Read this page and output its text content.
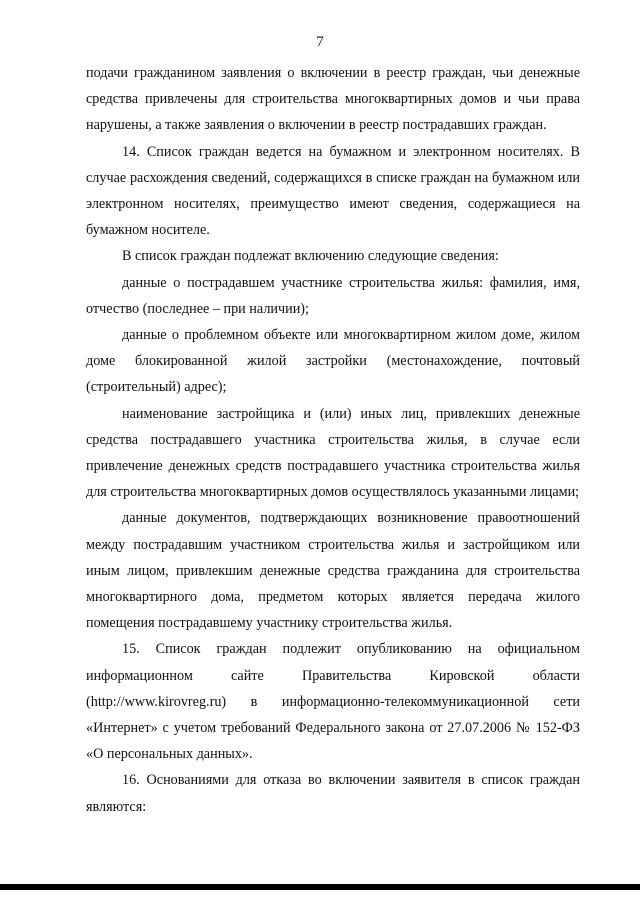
7

подачи гражданином заявления о включении в реестр граждан, чьи денежные средства привлечены для строительства многоквартирных домов и чьи права нарушены, а также заявления о включении в реестр пострадавших граждан.

14. Список граждан ведется на бумажном и электронном носителях. В случае расхождения сведений, содержащихся в списке граждан на бумажном или электронном носителях, преимущество имеют сведения, содержащиеся на бумажном носителе.

В список граждан подлежат включению следующие сведения:

данные о пострадавшем участнике строительства жилья: фамилия, имя, отчество (последнее – при наличии);

данные о проблемном объекте или многоквартирном жилом доме, жилом доме блокированной жилой застройки (местонахождение, почтовый (строительный) адрес);

наименование застройщика и (или) иных лиц, привлекших денежные средства пострадавшего участника строительства жилья, в случае если привлечение денежных средств пострадавшего участника строительства жилья для строительства многоквартирных домов осуществлялось указанными лицами;

данные документов, подтверждающих возникновение правоотношений между пострадавшим участником строительства жилья и застройщиком или иным лицом, привлекшим денежные средства гражданина для строительства многоквартирного дома, предметом которых является передача жилого помещения пострадавшему участнику строительства жилья.

15. Список граждан подлежит опубликованию на официальном информационном сайте Правительства Кировской области (http://www.kirovreg.ru) в информационно-телекоммуникационной сети «Интернет» с учетом требований Федерального закона от 27.07.2006 № 152-ФЗ «О персональных данных».

16. Основаниями для отказа во включении заявителя в список граждан являются:
